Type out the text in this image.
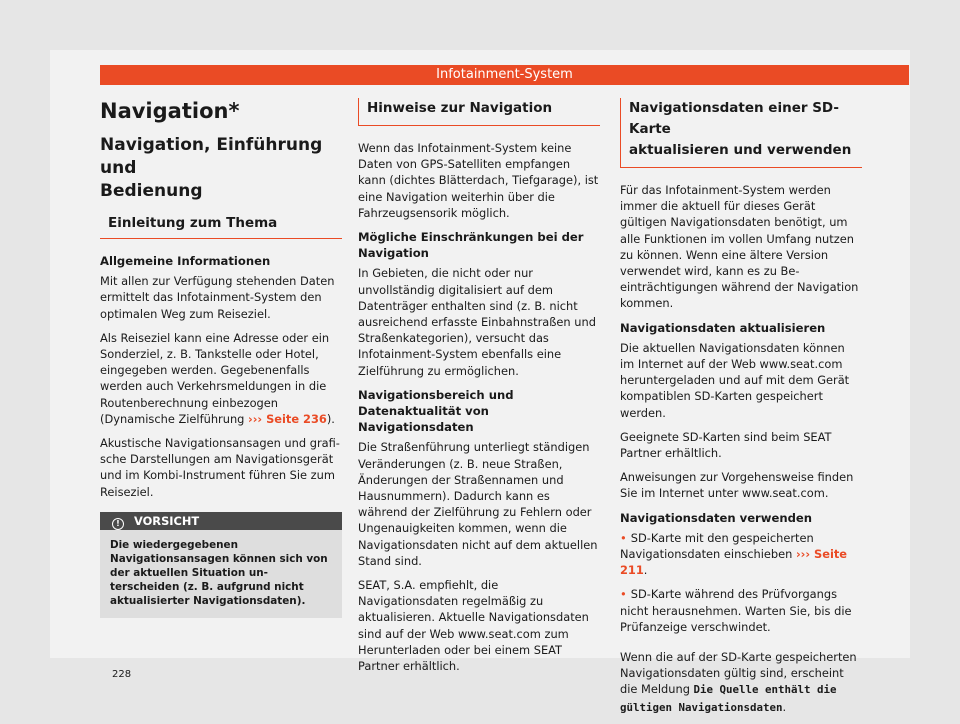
Infotainment-System
Navigation*
Navigation, Einführung und
Bedienung
Einleitung zum Thema
Allgemeine Informationen

Mit allen zur Verfügung stehenden Daten ermittelt das Infotainment-System den optimalen Weg zum Reiseziel.

Als Reiseziel kann eine Adresse oder ein Sonderziel, z. B. Tankstelle oder Hotel, eingegeben werden. Gegebenenfalls werden auch Verkehrsmeldungen in die Routenberechnung einbezogen (Dynamische Zielführung ››› Seite 236).

Akustische Navigationsansagen und grafische Darstellungen am Navigationsgerät und im Kombi-Instrument führen Sie zum Reiseziel.

! VORSICHT
Die wiedergegebenen Navigationsansagen können sich von der aktuellen Situation unterscheiden (z. B. aufgrund nicht aktualisierter Navigationsdaten).
Hinweise zur Navigation

Wenn das Infotainment-System keine Daten von GPS-Satelliten empfangen kann (dichtes Blätterdach, Tiefgarage), ist eine Navigation weiterhin über die Fahrzeugsensorik möglich.

Mögliche Einschränkungen bei der Navigation

In Gebieten, die nicht oder nur unvollständig digitalisiert auf dem Datenträger enthalten sind (z. B. nicht ausreichend erfasste Einbahnstraßen und Straßenkategorien), versucht das Infotainment-System ebenfalls eine Zielführung zu ermöglichen.

Navigationsbereich und Datenaktualität von Navigationsdaten

Die Straßenführung unterliegt ständigen Veränderungen (z. B. neue Straßen, Änderungen der Straßennamen und Hausnummern). Dadurch kann es während der Zielführung zu Fehlern oder Ungenauigkeiten kommen, wenn die Navigationsdaten nicht auf dem aktuellen Stand sind.

SEAT, S.A. empfiehlt, die Navigationsdaten regelmäßig zu aktualisieren. Aktuelle Navigationsdaten sind auf der Web www.seat.com zum Herunterladen oder bei einem SEAT Partner erhältlich.

Navigationsdaten einer SD-Karte
aktualisieren und verwenden

Für das Infotainment-System werden immer die aktuell für dieses Gerät gültigen Navigationsdaten benötigt, um alle Funktionen im vollen Umfang nutzen zu können. Wenn eine ältere Version verwendet wird, kann es zu Beeinträchtigungen während der Navigation kommen.

Navigationsdaten aktualisieren

Die aktuellen Navigationsdaten können im Internet auf der Web www.seat.com heruntergeladen und auf mit dem Gerät kompatiblen SD-Karten gespeichert werden.

Geeignete SD-Karten sind beim SEAT Partner erhältlich.

Anweisungen zur Vorgehensweise finden Sie im Internet unter www.seat.com.

Navigationsdaten verwenden

• SD-Karte mit den gespeicherten Navigationsdaten einschieben ››› Seite 211.

• SD-Karte während des Prüfvorgangs nicht herausnehmen. Warten Sie, bis die Prüfanzeige verschwindet.

Wenn die auf der SD-Karte gespeicherten Navigationsdaten gültig sind, erscheint die Meldung Die Quelle enthält die gültigen Navigationsdaten.

228
